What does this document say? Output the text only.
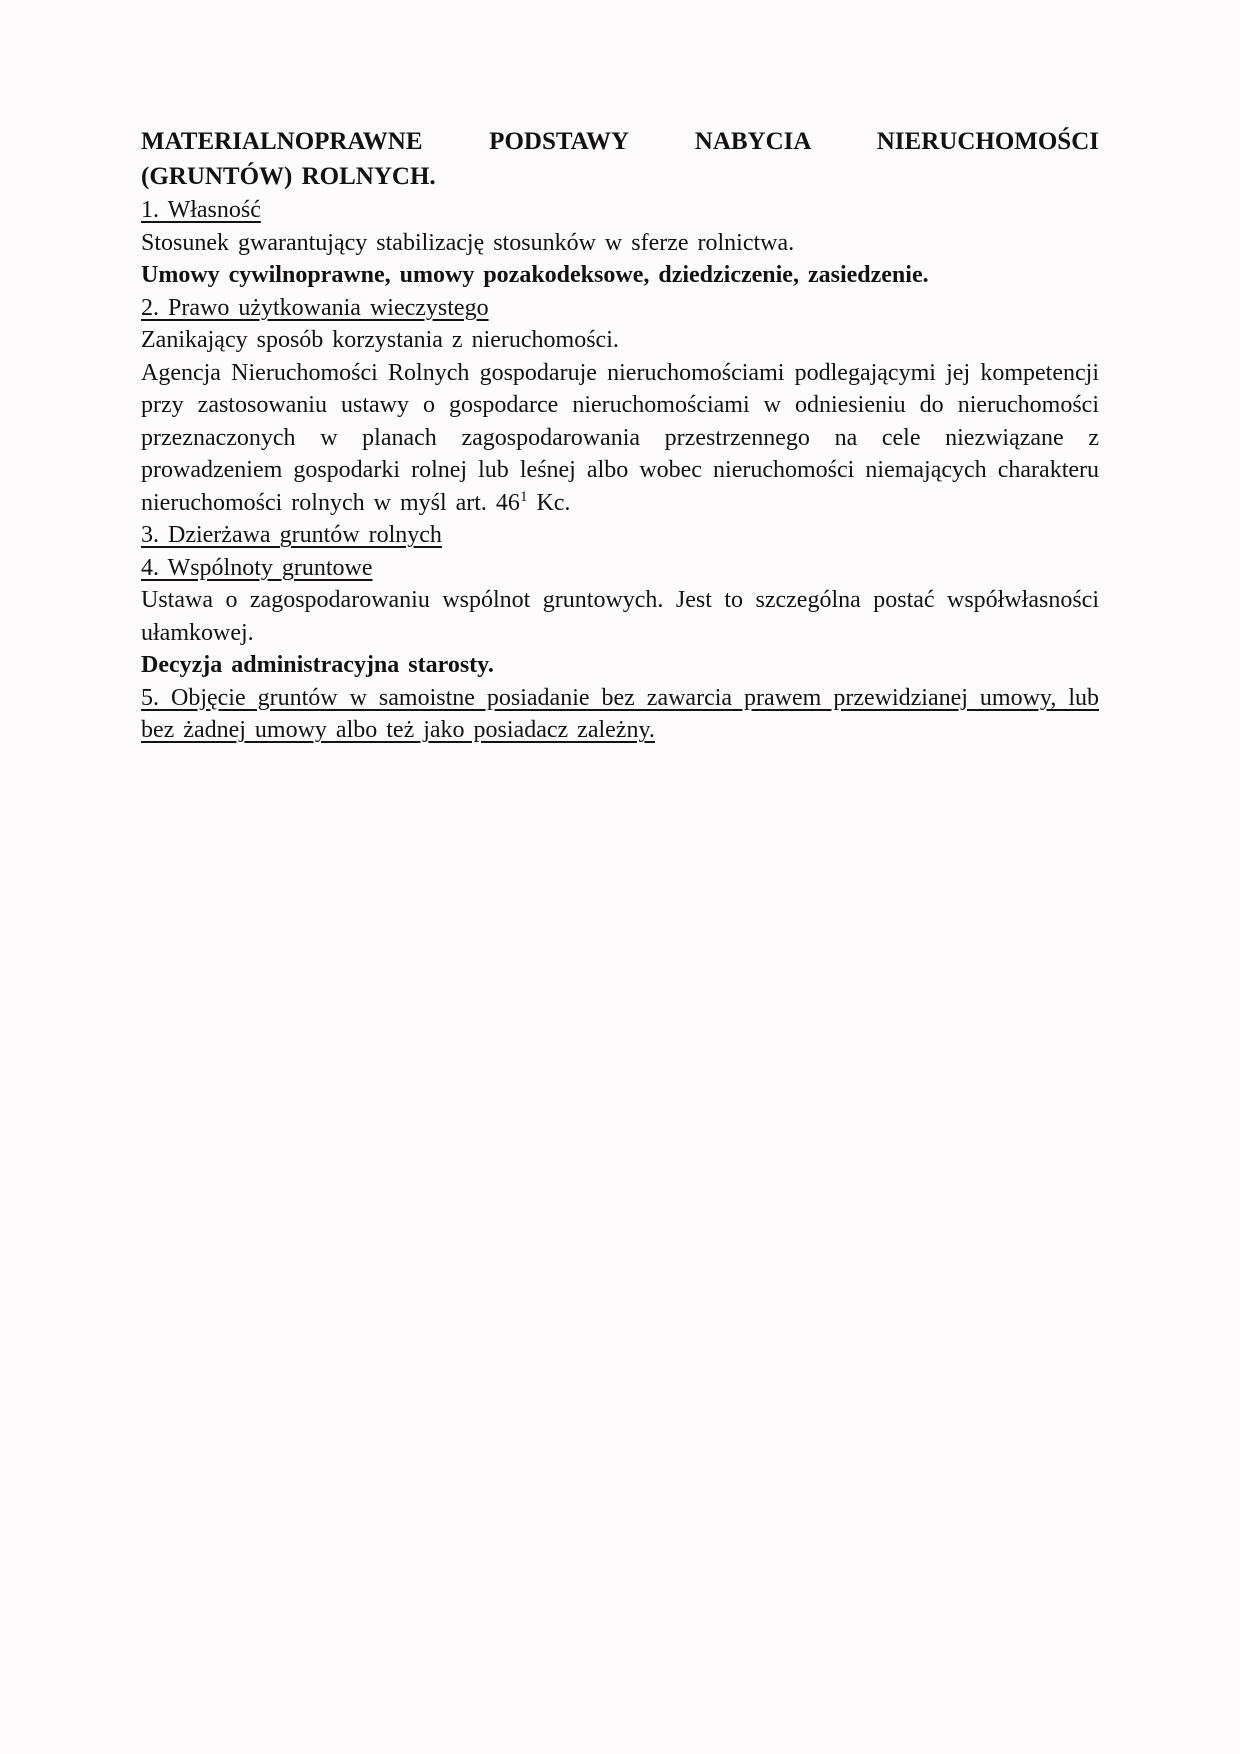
MATERIALNOPRAWNE PODSTAWY NABYCIA NIERUCHOMOŚCI

(GRUNTÓW) ROLNYCH.

1. Własność

Stosunek gwarantujący stabilizację stosunków w sferze rolnictwa.

Umowy cywilnoprawne, umowy pozakodeksowe, dziedziczenie, zasiedzenie.

2. Prawo użytkowania wieczystego

Zanikający sposób korzystania z nieruchomości.

Agencja Nieruchomości Rolnych gospodaruje nieruchomościami podlegającymi jej kompetencji przy zastosowaniu ustawy o gospodarce nieruchomościami w odniesieniu do nieruchomości przeznaczonych w planach zagospodarowania przestrzennego na cele niezwiązane z prowadzeniem gospodarki rolnej lub leśnej albo wobec nieruchomości niemających charakteru nieruchomości rolnych w myśl art. 46$^1$ Kc.

3. Dzierżawa gruntów rolnych

4. Wspólnoty gruntowe

Ustawa o zagospodarowaniu wspólnot gruntowych. Jest to szczególna postać współwłasności ułamkowej.

Decyzja administracyjna starosty.

5. Objęcie gruntów w samoistne posiadanie bez zawarcia prawem przewidzianej umowy, lub bez żadnej umowy albo też jako posiadacz zależny.
